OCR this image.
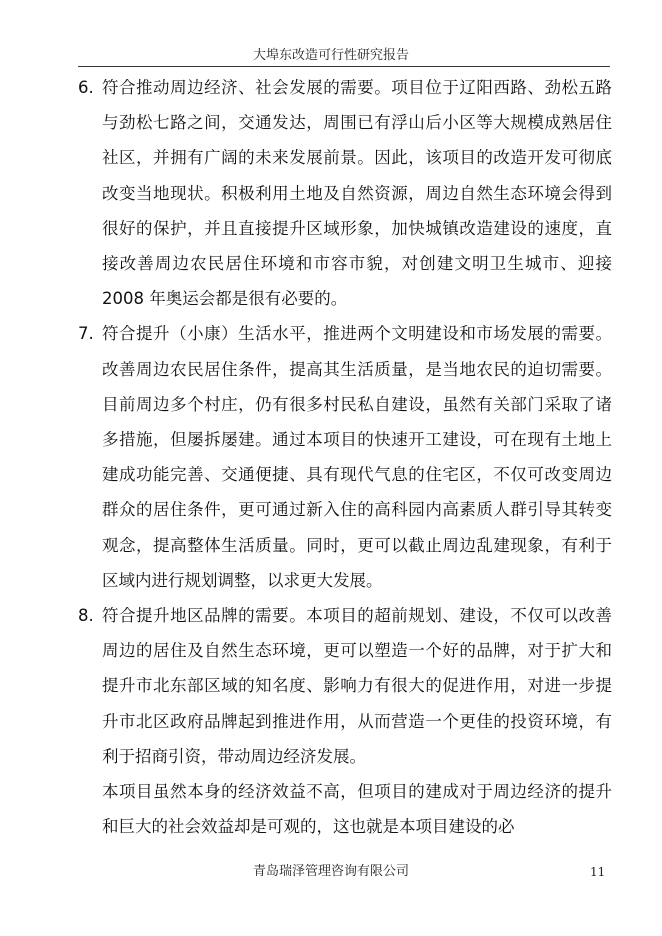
大埠东改造可行性研究报告
6. 符合推动周边经济、社会发展的需要。项目位于辽阳西路、劲松五路与劲松七路之间，交通发达，周围已有浮山后小区等大规模成熟居住社区，并拥有广阔的未来发展前景。因此，该项目的改造开发可彻底改变当地现状。积极利用土地及自然资源，周边自然生态环境会得到很好的保护，并且直接提升区域形象，加快城镇改造建设的速度，直接改善周边农民居住环境和市容市貌，对创建文明卫生城市、迎接 2008 年奥运会都是很有必要的。
7. 符合提升（小康）生活水平，推进两个文明建设和市场发展的需要。改善周边农民居住条件，提高其生活质量，是当地农民的迫切需要。目前周边多个村庄，仍有很多村民私自建设，虽然有关部门采取了诸多措施，但屡拆屡建。通过本项目的快速开工建设，可在现有土地上建成功能完善、交通便捷、具有现代气息的住宅区，不仅可改变周边群众的居住条件，更可通过新入住的高科园内高素质人群引导其转变观念，提高整体生活质量。同时，更可以截止周边乱建现象，有利于区域内进行规划调整，以求更大发展。
8. 符合提升地区品牌的需要。本项目的超前规划、建设，不仅可以改善周边的居住及自然生态环境，更可以塑造一个好的品牌，对于扩大和提升市北东部区域的知名度、影响力有很大的促进作用，对进一步提升市北区政府品牌起到推进作用，从而营造一个更佳的投资环境，有利于招商引资，带动周边经济发展。

本项目虽然本身的经济效益不高，但项目的建成对于周边经济的提升和巨大的社会效益却是可观的，这也就是本项目建设的必

青岛瑞泽管理咨询有限公司	11
